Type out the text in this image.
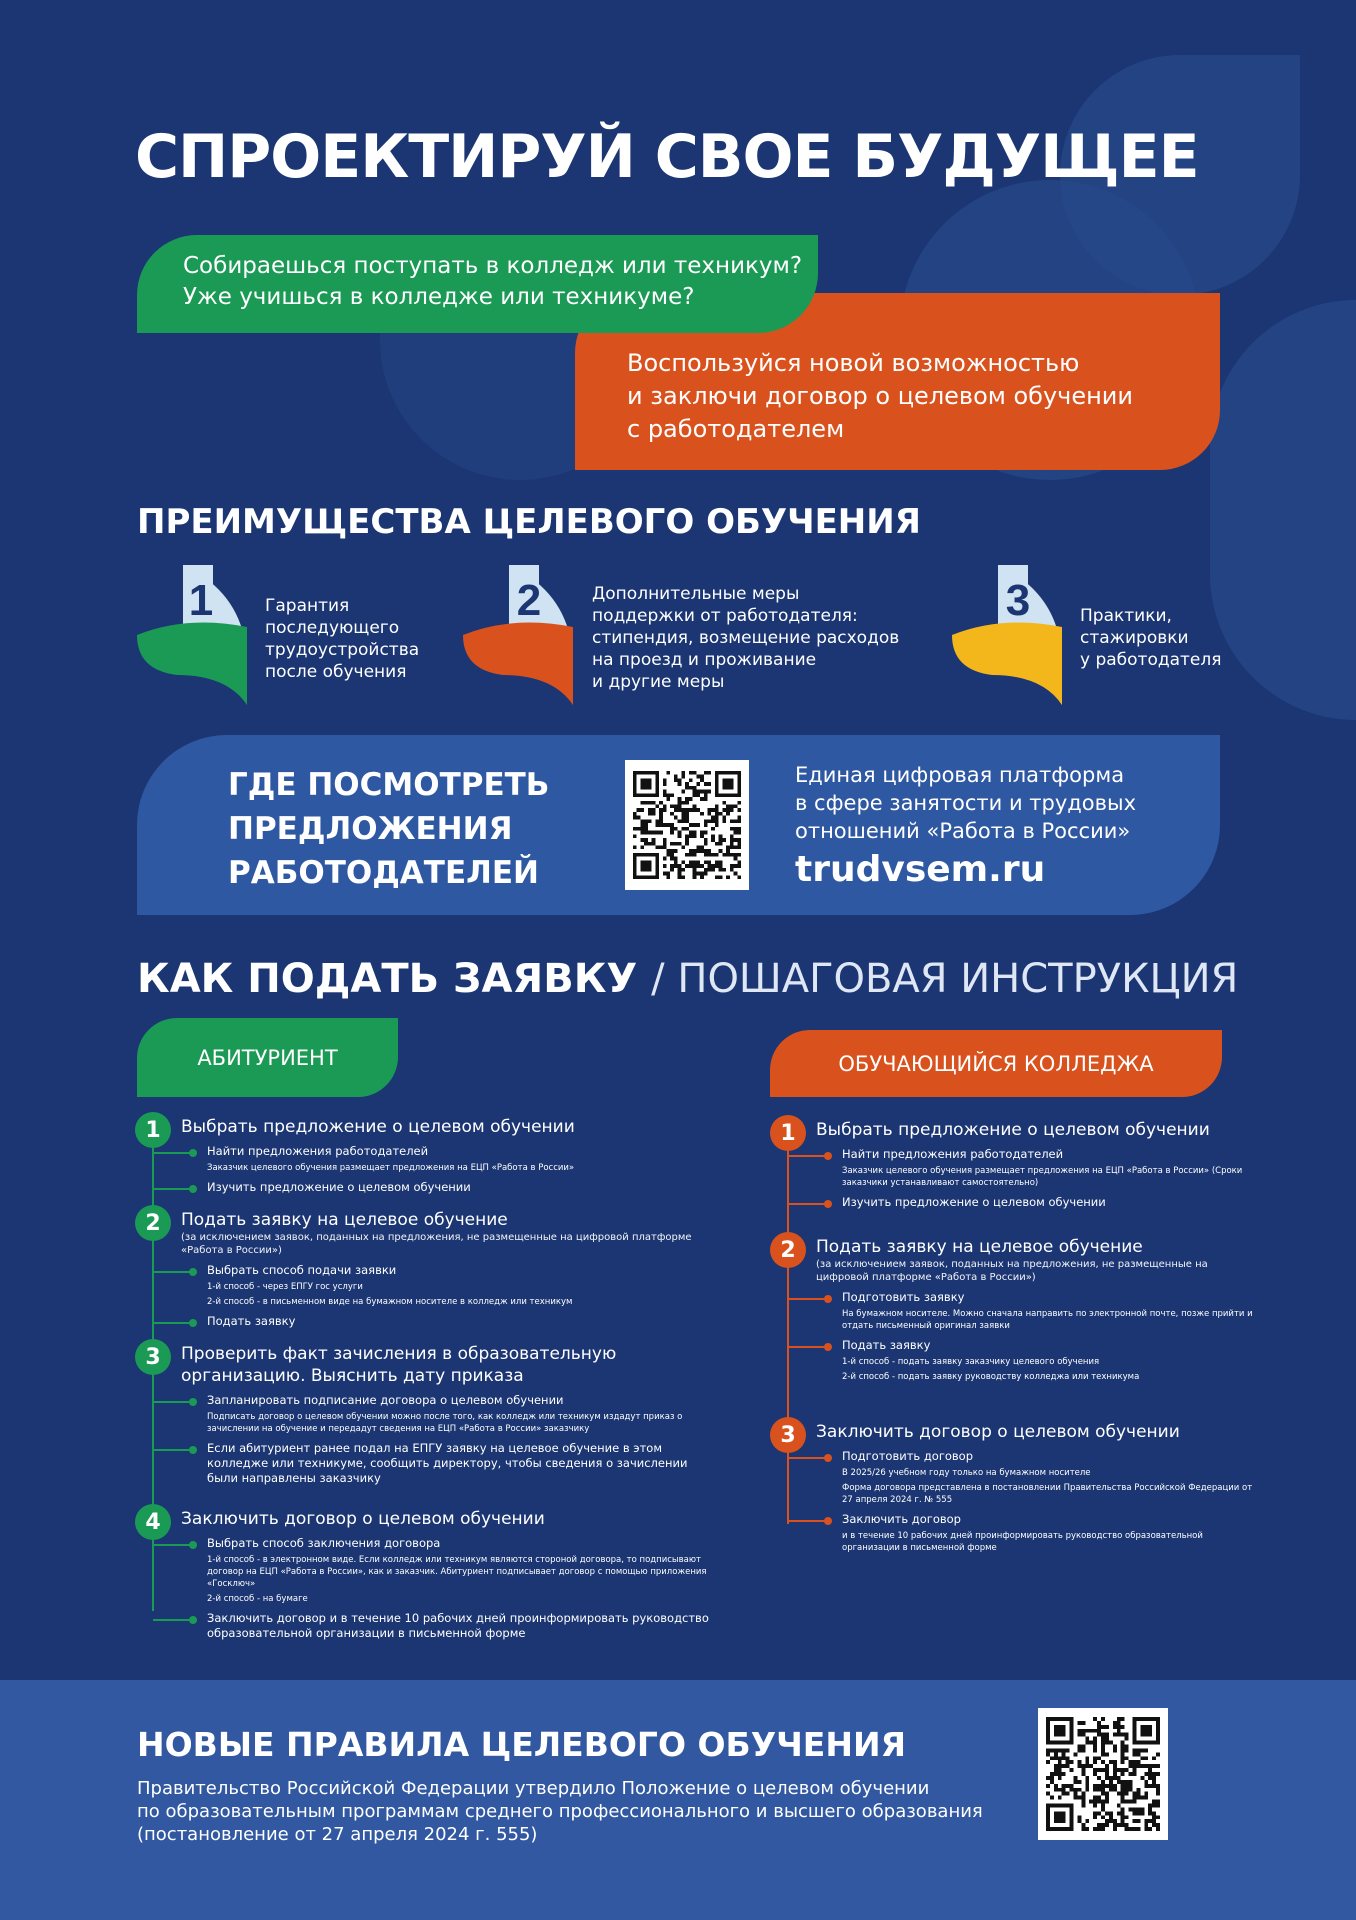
СПРОЕКТИРУЙ СВОЕ БУДУЩЕЕ

Воспользуйся новой возможностью

и заключи договор о целевом обучении

с работодателем

Собираешься поступать в колледж или техникум?

Уже учишься в колледже или техникуме?

ПРЕИМУЩЕСТВА ЦЕЛЕВОГО ОБУЧЕНИЯ
1	Гарантия
последующего
трудоустройства
после обучения
2	Дополнительные меры
поддержки от работодателя:
стипендия, возмещение расходов
на проезд и проживание
и другие меры
3	Практики,
стажировки
у работодателя
ГДЕ ПОСМОТРЕТЬ
ПРЕДЛОЖЕНИЯ
РАБОТОДАТЕЛЕЙ
Единая цифровая платформа
в сфере занятости и трудовых
отношений «Работа в России»
trudvsem.ru
КАК ПОДАТЬ ЗАЯВКУ / ПОШАГОВАЯ ИНСТРУКЦИЯ
АБИТУРИЕНТ	ОБУЧАЮЩИЙСЯ КОЛЛЕДЖА
1	Выбрать предложение о целевом обучении
Найти предложения работодателей
Заказчик целевого обучения размещает предложения на ЕЦП «Работа в России»
Изучить предложение о целевом обучении
2	Подать заявку на целевое обучение
(за исключением заявок, поданных на предложения, не размещенные на цифровой платформе «Работа в России»)
Выбрать способ подачи заявки
1-й способ - через ЕПГУ гос услуги
2-й способ - в письменном виде на бумажном носителе в колледж или техникум
Подать заявку
3	Проверить факт зачисления в образовательную организацию. Выяснить дату приказа
Запланировать подписание договора о целевом обучении
Подписать договор о целевом обучении можно после того, как колледж или техникум издадут приказ о зачислении на обучение и передадут сведения на ЕЦП «Работа в России» заказчику
Если абитуриент ранее подал на ЕПГУ заявку на целевое обучение в этом колледже или техникуме, сообщить директору, чтобы сведения о зачислении были направлены заказчику
4	Заключить договор о целевом обучении
Выбрать способ заключения договора
1-й способ - в электронном виде. Если колледж или техникум являются стороной договора, то подписывают договор на ЕЦП «Работа в России», как и заказчик. Абитуриент подписывает договор с помощью приложения «Госключ»
2-й способ - на бумаге
Заключить договор и в течение 10 рабочих дней проинформировать руководство образовательной организации в письменной форме
1	Выбрать предложение о целевом обучении
Найти предложения работодателей
Заказчик целевого обучения размещает предложения на ЕЦП «Работа в России» (Сроки заказчики устанавливают самостоятельно)
Изучить предложение о целевом обучении
2	Подать заявку на целевое обучение
(за исключением заявок, поданных на предложения, не размещенные на цифровой платформе «Работа в России»)
Подготовить заявку
На бумажном носителе. Можно сначала направить по электронной почте, позже прийти и отдать письменный оригинал заявки
Подать заявку
1-й способ - подать заявку заказчику целевого обучения
2-й способ - подать заявку руководству колледжа или техникума
3	Заключить договор о целевом обучении
Подготовить договор
В 2025/26 учебном году только на бумажном носителе
Форма договора представлена в постановлении Правительства Российской Федерации от 27 апреля 2024 г. № 555
Заключить договор
и в течение 10 рабочих дней проинформировать руководство образовательной организации в письменной форме
НОВЫЕ ПРАВИЛА ЦЕЛЕВОГО ОБУЧЕНИЯ
Правительство Российской Федерации утвердило Положение о целевом обучении
по образовательным программам среднего профессионального и высшего образования
(постановление от 27 апреля 2024 г. 555)
